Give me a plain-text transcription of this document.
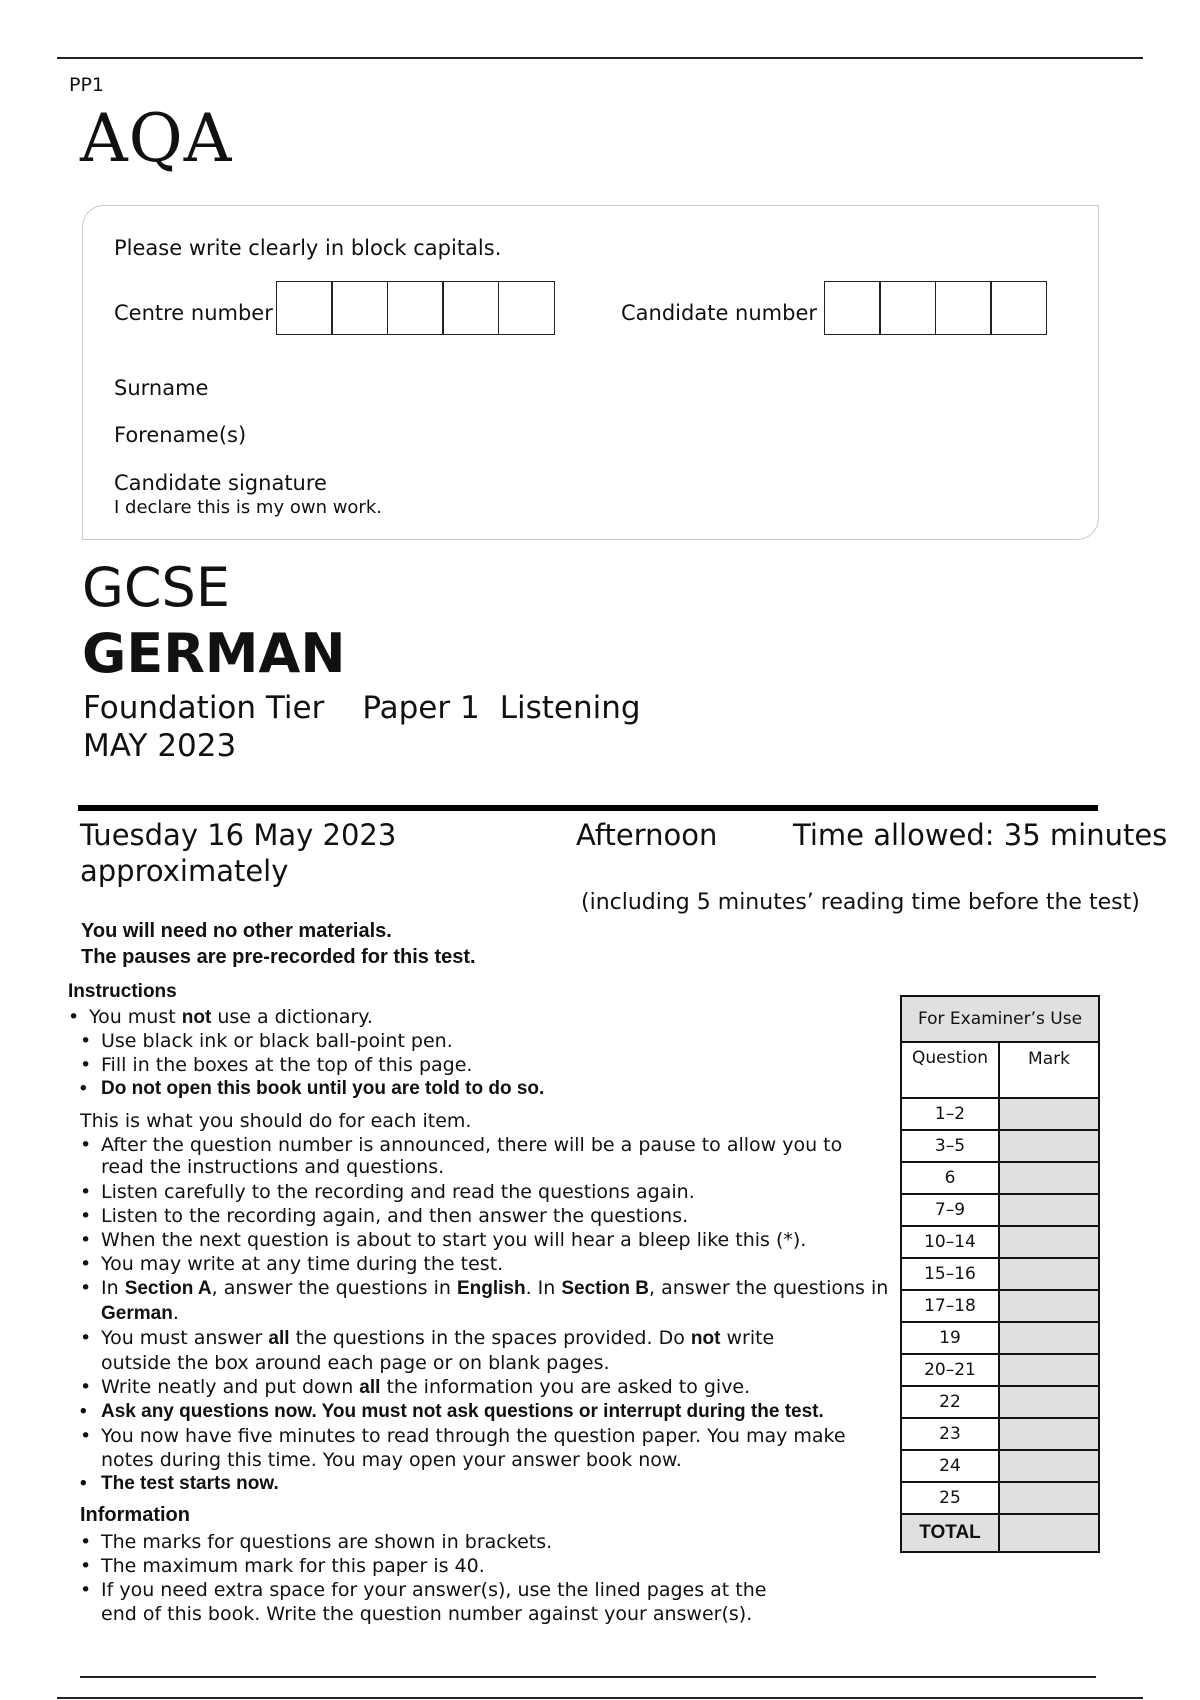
PP1
AQA
Please write clearly in block capitals.
Centre number	Candidate number
Surname
Forename(s)
Candidate signature
I declare this is my own work.
GCSE
GERMAN
Foundation Tier Paper 1 Listening
MAY 2023
Tuesday 16 May 2023	Afternoon	Time allowed: 35 minutes
approximately
(including 5 minutes’ reading time before the test)
You will need no other materials.
The pauses are pre-recorded for this test.
Instructions
• You must not use a dictionary.
• Use black ink or black ball-point pen.
• Fill in the boxes at the top of this page.
• Do not open this book until you are told to do so.
This is what you should do for each item.
• After the question number is announced, there will be a pause to allow you to read the instructions and questions.
• Listen carefully to the recording and read the questions again.
• Listen to the recording again, and then answer the questions.
• When the next question is about to start you will hear a bleep like this (*).
• You may write at any time during the test.
• In Section A, answer the questions in English. In Section B, answer the questions in German.
• You must answer all the questions in the spaces provided. Do not write outside the box around each page or on blank pages.
• Write neatly and put down all the information you are asked to give.
• Ask any questions now. You must not ask questions or interrupt during the test.
• You now have five minutes to read through the question paper. You may make notes during this time. You may open your answer book now.
• The test starts now.
Information
• The marks for questions are shown in brackets.
• The maximum mark for this paper is 40.
• If you need extra space for your answer(s), use the lined pages at the end of this book. Write the question number against your answer(s).
For Examiner’s Use	
Question	Mark
1–2	
3–5	
6	
7–9	
10–14	
15–16	
17–18	
19	
20–21	
22	
23	
24	
25	
TOTAL	
